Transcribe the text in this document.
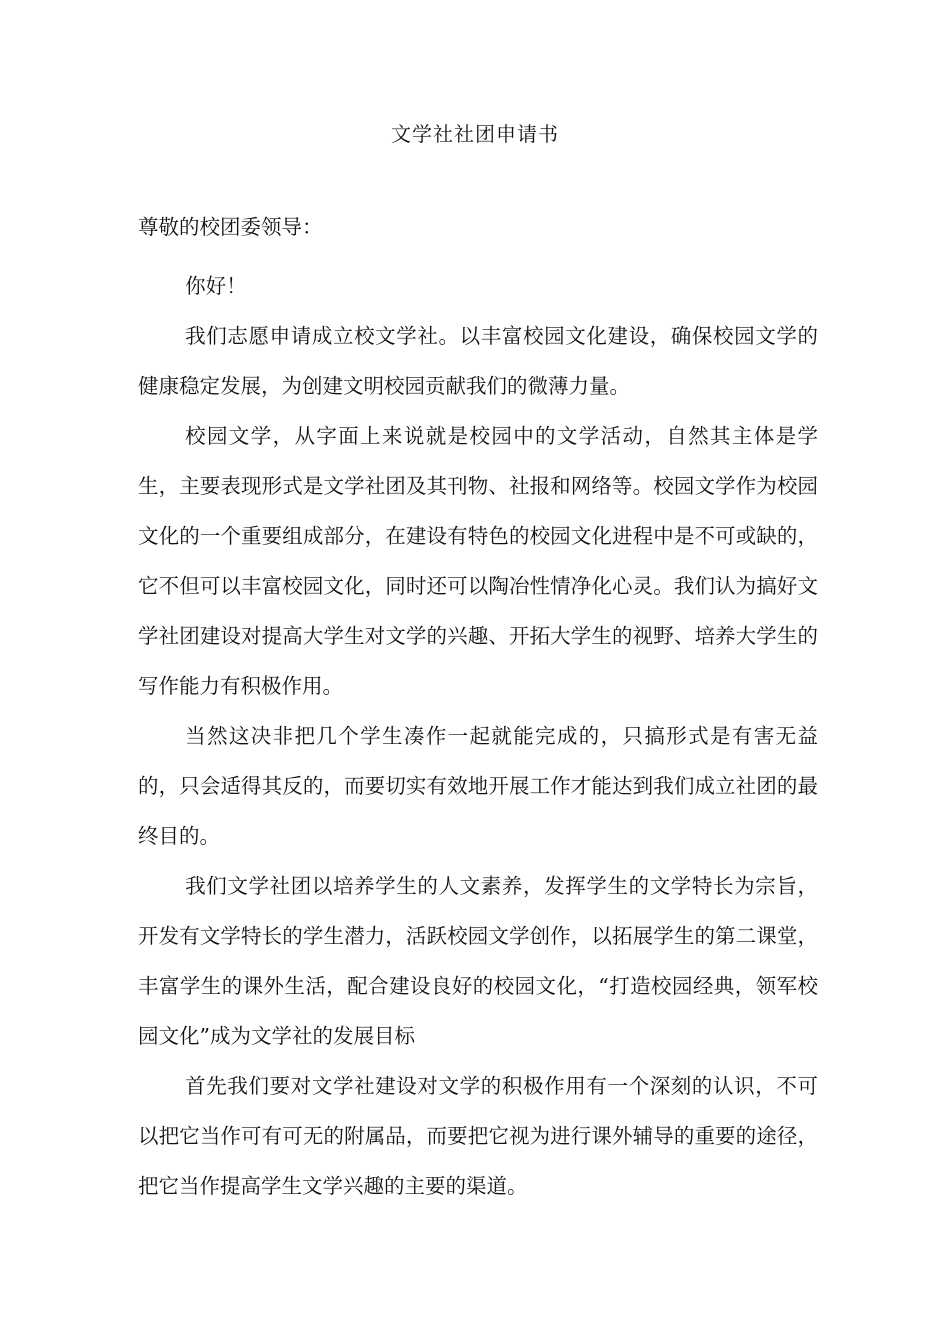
文学社社团申请书
尊敬的校团委领导：

你好！

我们志愿申请成立校文学社。以丰富校园文化建设，确保校园文学的健康稳定发展，为创建文明校园贡献我们的微薄力量。

校园文学，从字面上来说就是校园中的文学活动，自然其主体是学生，主要表现形式是文学社团及其刊物、社报和网络等。校园文学作为校园文化的一个重要组成部分，在建设有特色的校园文化进程中是不可或缺的，它不但可以丰富校园文化，同时还可以陶冶性情净化心灵。我们认为搞好文学社团建设对提高大学生对文学的兴趣、开拓大学生的视野、培养大学生的写作能力有积极作用。

当然这决非把几个学生凑作一起就能完成的，只搞形式是有害无益的，只会适得其反的，而要切实有效地开展工作才能达到我们成立社团的最终目的。

我们文学社团以培养学生的人文素养，发挥学生的文学特长为宗旨，开发有文学特长的学生潜力，活跃校园文学创作，以拓展学生的第二课堂，丰富学生的课外生活，配合建设良好的校园文化，“打造校园经典，领军校园文化”成为文学社的发展目标

首先我们要对文学社建设对文学的积极作用有一个深刻的认识，不可以把它当作可有可无的附属品，而要把它视为进行课外辅导的重要的途径，把它当作提高学生文学兴趣的主要的渠道。
